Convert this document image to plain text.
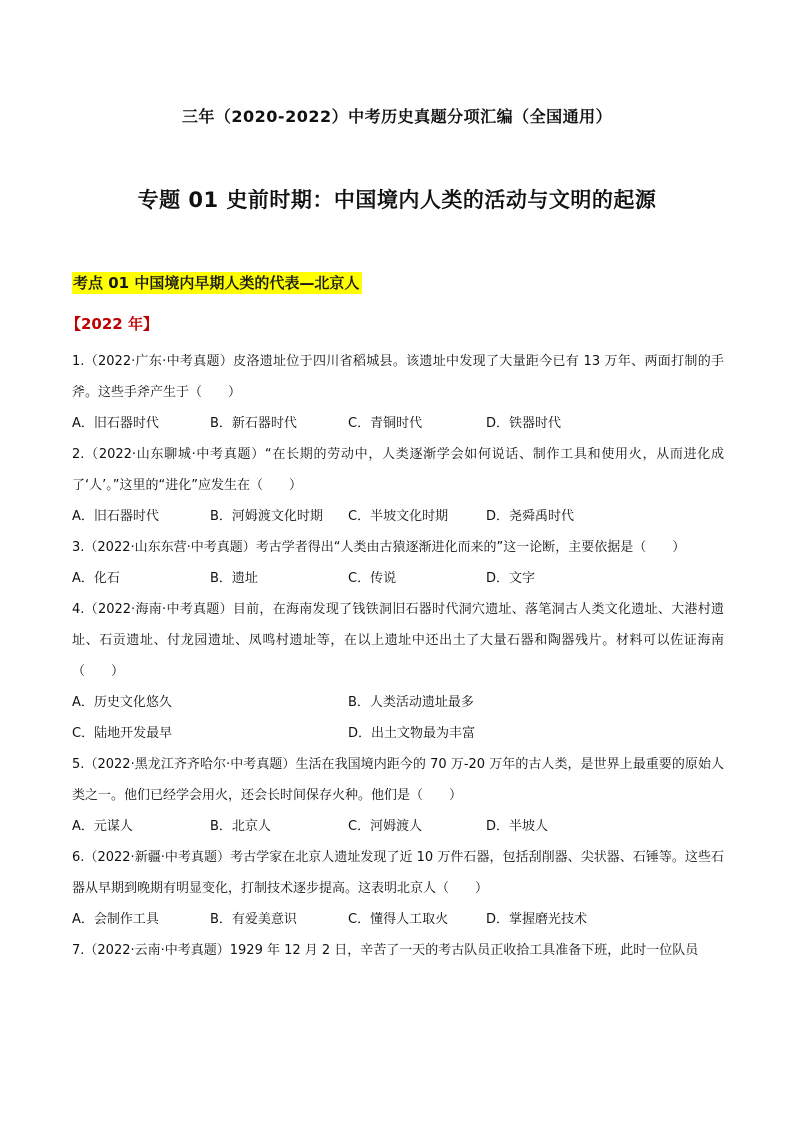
三年（2020-2022）中考历史真题分项汇编（全国通用）
专题 01 史前时期：中国境内人类的活动与文明的起源
考点 01 中国境内早期人类的代表—北京人
【2022 年】

1.（2022·广东·中考真题）皮洛遗址位于四川省稻城县。该遗址中发现了大量距今已有 13 万年、两面打制的手斧。这些手斧产生于（　　）

A．旧石器时代	B．新石器时代	C．青铜时代	D．铁器时代

2.（2022·山东聊城·中考真题）“在长期的劳动中，人类逐渐学会如何说话、制作工具和使用火，从而进化成了‘人’。”这里的“进化”应发生在（　　）

A．旧石器时代	B．河姆渡文化时期	C．半坡文化时期	D．尧舜禹时代

3.（2022·山东东营·中考真题）考古学者得出“人类由古猿逐渐进化而来的”这一论断，主要依据是（　　）

A．化石	B．遗址	C．传说	D．文字

4.（2022·海南·中考真题）目前，在海南发现了钱铁洞旧石器时代洞穴遗址、落笔洞古人类文化遗址、大港村遗址、石贡遗址、付龙园遗址、凤鸣村遗址等，在以上遗址中还出土了大量石器和陶器残片。材料可以佐证海南（　　）

A．历史文化悠久	B．人类活动遗址最多
C．陆地开发最早	D．出土文物最为丰富

5.（2022·黑龙江齐齐哈尔·中考真题）生活在我国境内距今的 70 万-20 万年的古人类，是世界上最重要的原始人类之一。他们已经学会用火，还会长时间保存火种。他们是（　　）

A．元谋人	B．北京人	C．河姆渡人	D．半坡人

6.（2022·新疆·中考真题）考古学家在北京人遗址发现了近 10 万件石器，包括刮削器、尖状器、石锤等。这些石器从早期到晚期有明显变化，打制技术逐步提高。这表明北京人（　　）

A．会制作工具	B．有爱美意识	C．懂得人工取火	D．掌握磨光技术

7.（2022·云南·中考真题）1929 年 12 月 2 日，辛苦了一天的考古队员正收拾工具准备下班，此时一位队员
